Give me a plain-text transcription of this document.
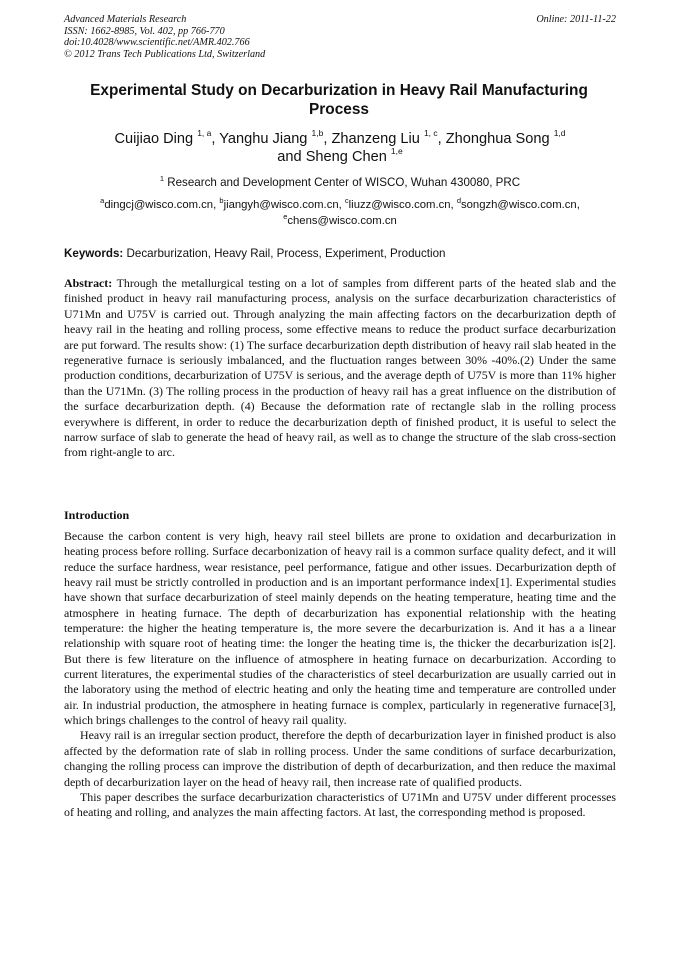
Advanced Materials Research
ISSN: 1662-8985, Vol. 402, pp 766-770
doi:10.4028/www.scientific.net/AMR.402.766
© 2012 Trans Tech Publications Ltd, Switzerland
Online: 2011-11-22
Experimental Study on Decarburization in Heavy Rail Manufacturing Process
Cuijiao Ding $^{1, a}$, Yanghu Jiang $^{1,b}$, Zhanzeng Liu $^{1, c}$, Zhonghua Song $^{1,d}$
and Sheng Chen $^{1,e}$
$^1$ Research and Development Center of WISCO, Wuhan 430080, PRC
$^a$dingcj@wisco.com.cn, $^b$jiangyh@wisco.com.cn, $^c$liuzz@wisco.com.cn, $^d$songzh@wisco.com.cn,
$^e$chens@wisco.com.cn
Keywords: Decarburization, Heavy Rail, Process, Experiment, Production
Abstract: Through the metallurgical testing on a lot of samples from different parts of the heated slab and the finished product in heavy rail manufacturing process, analysis on the surface decarburization characteristics of U71Mn and U75V is carried out. Through analyzing the main affecting factors on the decarburization depth of heavy rail in the heating and rolling process, some effective means to reduce the product surface decarburization are put forward. The results show: (1) The surface decarburization depth distribution of heavy rail slab heated in the regenerative furnace is seriously imbalanced, and the fluctuation ranges between 30% -40%.(2) Under the same production conditions, decarburization of U75V is serious, and the average depth of U75V is more than 11% higher than the U71Mn. (3) The rolling process in the production of heavy rail has a great influence on the distribution of the surface decarburization depth. (4) Because the deformation rate of rectangle slab in the rolling process everywhere is different, in order to reduce the decarburization depth of finished product, it is useful to select the narrow surface of slab to generate the head of heavy rail, as well as to change the structure of the slab cross-section from right-angle to arc.
Introduction

Because the carbon content is very high, heavy rail steel billets are prone to oxidation and decarburization in heating process before rolling. Surface decarbonization of heavy rail is a common surface quality defect, and it will reduce the surface hardness, wear resistance, peel performance, fatigue and other issues. Decarburization depth of heavy rail must be strictly controlled in production and is an important performance index[1]. Experimental studies have shown that surface decarburization of steel mainly depends on the heating temperature, heating time and the atmosphere in heating furnace. The depth of decarburization has exponential relationship with the heating temperature: the higher the heating temperature is, the more severe the decarburization is. And it has a a linear relationship with square root of heating time: the longer the heating time is, the thicker the decarburization is[2]. But there is few literature on the influence of atmosphere in heating furnace on decarburization. According to current literatures, the experimental studies of the characteristics of steel decarburization are usually carried out in the laboratory using the method of electric heating and only the heating time and temperature are controlled under air. In industrial production, the atmosphere in heating furnace is complex, particularly in regenerative furnace[3], which brings challenges to the control of heavy rail quality.

Heavy rail is an irregular section product, therefore the depth of decarburization layer in finished product is also affected by the deformation rate of slab in rolling process. Under the same conditions of surface decarburization, changing the rolling process can improve the distribution of depth of decarburization, and then reduce the maximal depth of decarburization layer on the head of heavy rail, then increase rate of qualified products.

This paper describes the surface decarburization characteristics of U71Mn and U75V under different processes of heating and rolling, and analyzes the main affecting factors. At last, the corresponding method is proposed.
